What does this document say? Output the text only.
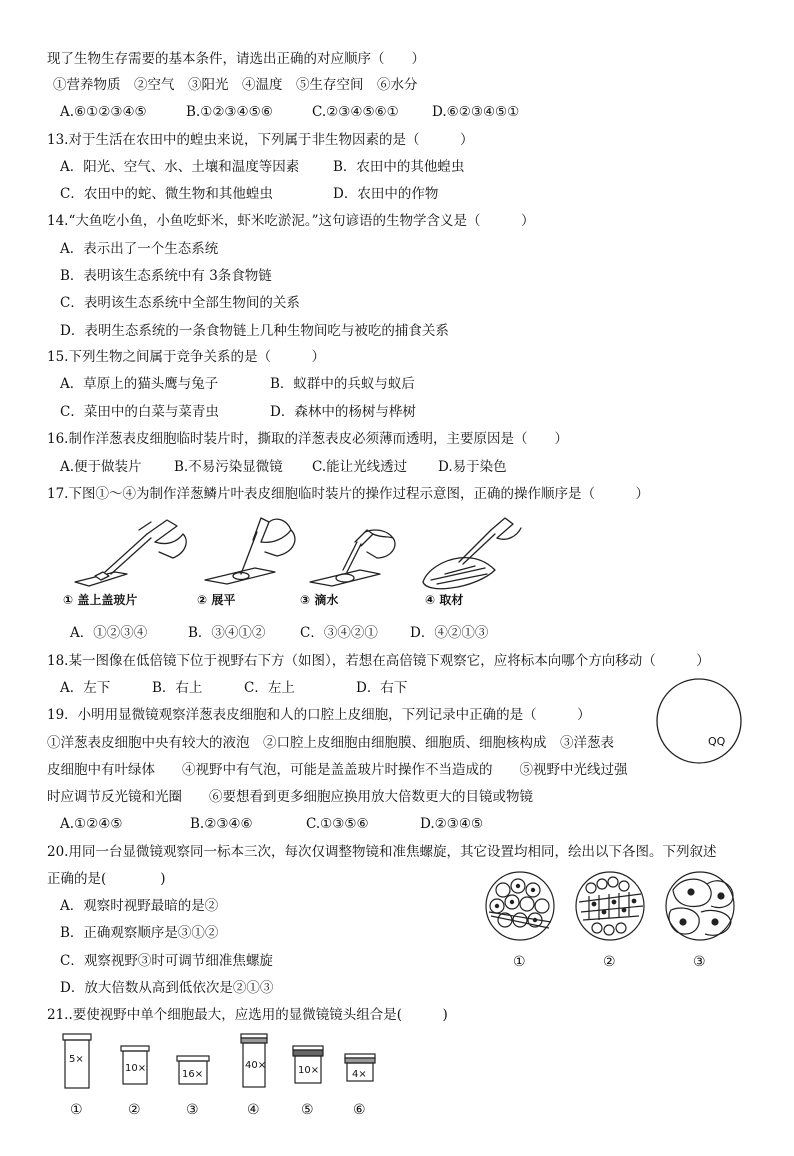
现了生物生存需要的基本条件，请选出正确的对应顺序（　　）
①营养物质　②空气　③阳光　④温度　⑤生存空间　⑥水分
A.⑥①②③④⑤	B.①②③④⑤⑥	C.②③④⑤⑥① D.⑥②③④⑤①
13.对于生活在农田中的蝗虫来说，下列属于非生物因素的是（　　　）
A．阳光、空气、水、土壤和温度等因素	B．农田中的其他蝗虫
C．农田中的蛇、微生物和其他蝗虫	D．农田中的作物
14.“大鱼吃小鱼，小鱼吃虾米，虾米吃淤泥。”这句谚语的生物学含义是（　　　）
A．表示出了一个生态系统
B．表明该生态系统中有 3条食物链
C．表明该生态系统中全部生物间的关系
D．表明生态系统的一条食物链上几种生物间吃与被吃的捕食关系
15.下列生物之间属于竞争关系的是（　　　）
A．草原上的猫头鹰与兔子	B．蚁群中的兵蚁与蚁后
C．菜田中的白菜与菜青虫	D．森林中的杨树与桦树
16.制作洋葱表皮细胞临时装片时，撕取的洋葱表皮必须薄而透明，主要原因是（　　）
A.便于做装片 B.不易污染显微镜 C.能让光线透过 D.易于染色
17.下图①～④为制作洋葱鳞片叶表皮细胞临时装片的操作过程示意图，正确的操作顺序是（　　　）
① 盖上盖玻片	② 展平	③ 滴水	④ 取材
A．①②③④	B．③④①②	C．③④②① D．④②①③
18.某一图像在低倍镜下位于视野右下方（如图），若想在高倍镜下观察它，应将标本向哪个方向移动（　　　）
A．左下	B．右上	C．左上	D．右下
QQ
19．小明用显微镜观察洋葱表皮细胞和人的口腔上皮细胞，下列记录中正确的是（　　　）
①洋葱表皮细胞中央有较大的液泡　②口腔上皮细胞由细胞膜、细胞质、细胞核构成　③洋葱表
皮细胞中有叶绿体　　④视野中有气泡，可能是盖盖玻片时操作不当造成的　　⑤视野中光线过强
时应调节反光镜和光圈　　⑥要想看到更多细胞应换用放大倍数更大的目镜或物镜
A.①②④⑤	B.②③④⑥	C.①③⑤⑥	D.②③④⑤
20.用同一台显微镜观察同一标本三次，每次仅调整物镜和准焦螺旋，其它设置均相同，绘出以下各图。下列叙述
正确的是(　　　　)
A．观察时视野最暗的是②
B．正确观察顺序是③①②
C．观察视野③时可调节细准焦螺旋
D．放大倍数从高到低依次是②①③
①	②	③
21..要使视野中单个细胞最大，应选用的显微镜镜头组合是(　　　)
5×
10×
16×
40×	10×	4×
①	②	③	④	⑤	⑥
